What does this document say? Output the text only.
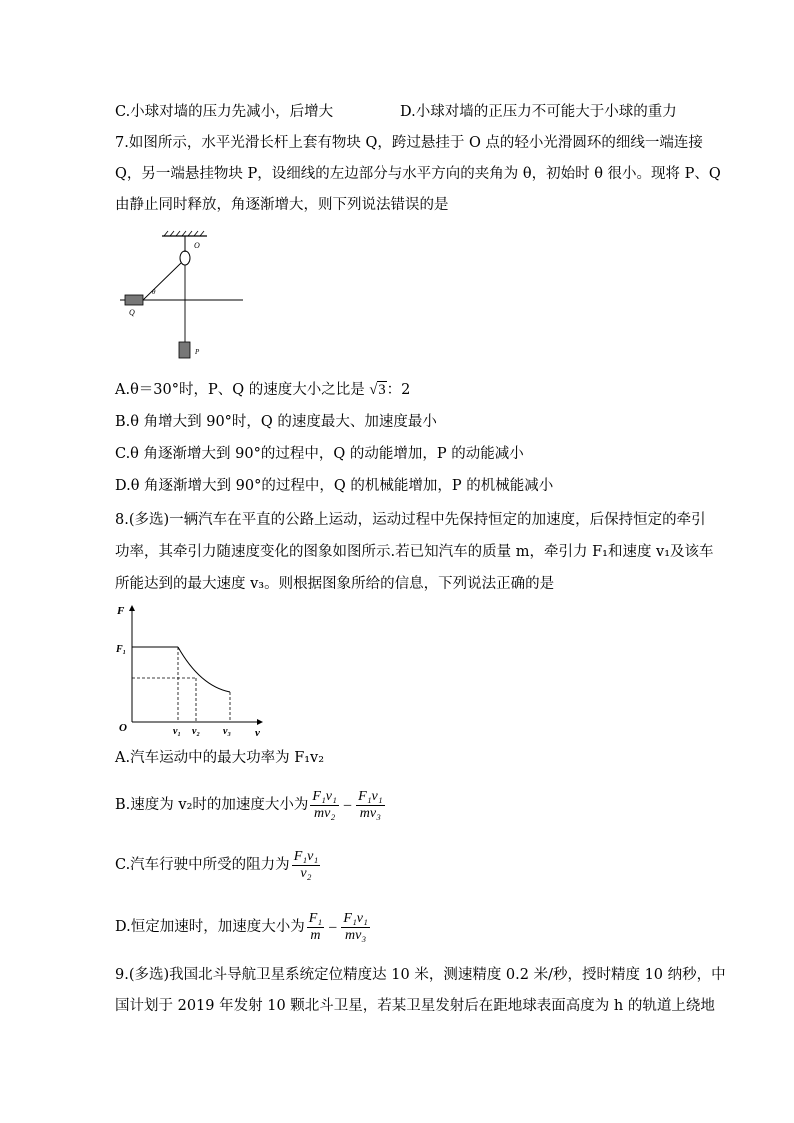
C.小球对墙的压力先减小，后增大	D.小球对墙的正压力不可能大于小球的重力
7.如图所示，水平光滑长杆上套有物块 Q，跨过悬挂于 O 点的轻小光滑圆环的细线一端连接
Q，另一端悬挂物块 P，设细线的左边部分与水平方向的夹角为 θ，初始时 θ 很小。现将 P、Q
由静止同时释放，角逐渐增大，则下列说法错误的是
O
θ
Q
P
A.θ＝30°时，P、Q 的速度大小之比是 √3：2
B.θ 角增大到 90°时，Q 的速度最大、加速度最小
C.θ 角逐渐增大到 90°的过程中，Q 的动能增加，P 的动能减小
D.θ 角逐渐增大到 90°的过程中，Q 的机械能增加，P 的机械能减小
8.(多选)一辆汽车在平直的公路上运动，运动过程中先保持恒定的加速度，后保持恒定的牵引
功率，其牵引力随速度变化的图象如图所示.若已知汽车的质量 m，牵引力 F₁和速度 v₁及该车
所能达到的最大速度 v₃。则根据图象所给的信息，下列说法正确的是
F
v
O
F₁
v₁ v₂ v₃
A.汽车运动中的最大功率为 F₁v₂
B.速度为 v₂时的加速度大小为 $\frac{\text{F₁v₁}}{\text{mv₂}} - \frac{\text{F₁v₁}}{\text{mv₃}}$
C.汽车行驶中所受的阻力为 $\frac{\text{F₁v₁}}{\text{v₂}}$
D.恒定加速时，加速度大小为 $\frac{\text{F₁}}{m} - \frac{\text{F₁v₁}}{\text{mv₃}}$
9.(多选)我国北斗导航卫星系统定位精度达 10 米，测速精度 0.2 米/秒，授时精度 10 纳秒，中
国计划于 2019 年发射 10 颗北斗卫星，若某卫星发射后在距地球表面高度为 h 的轨道上绕地
